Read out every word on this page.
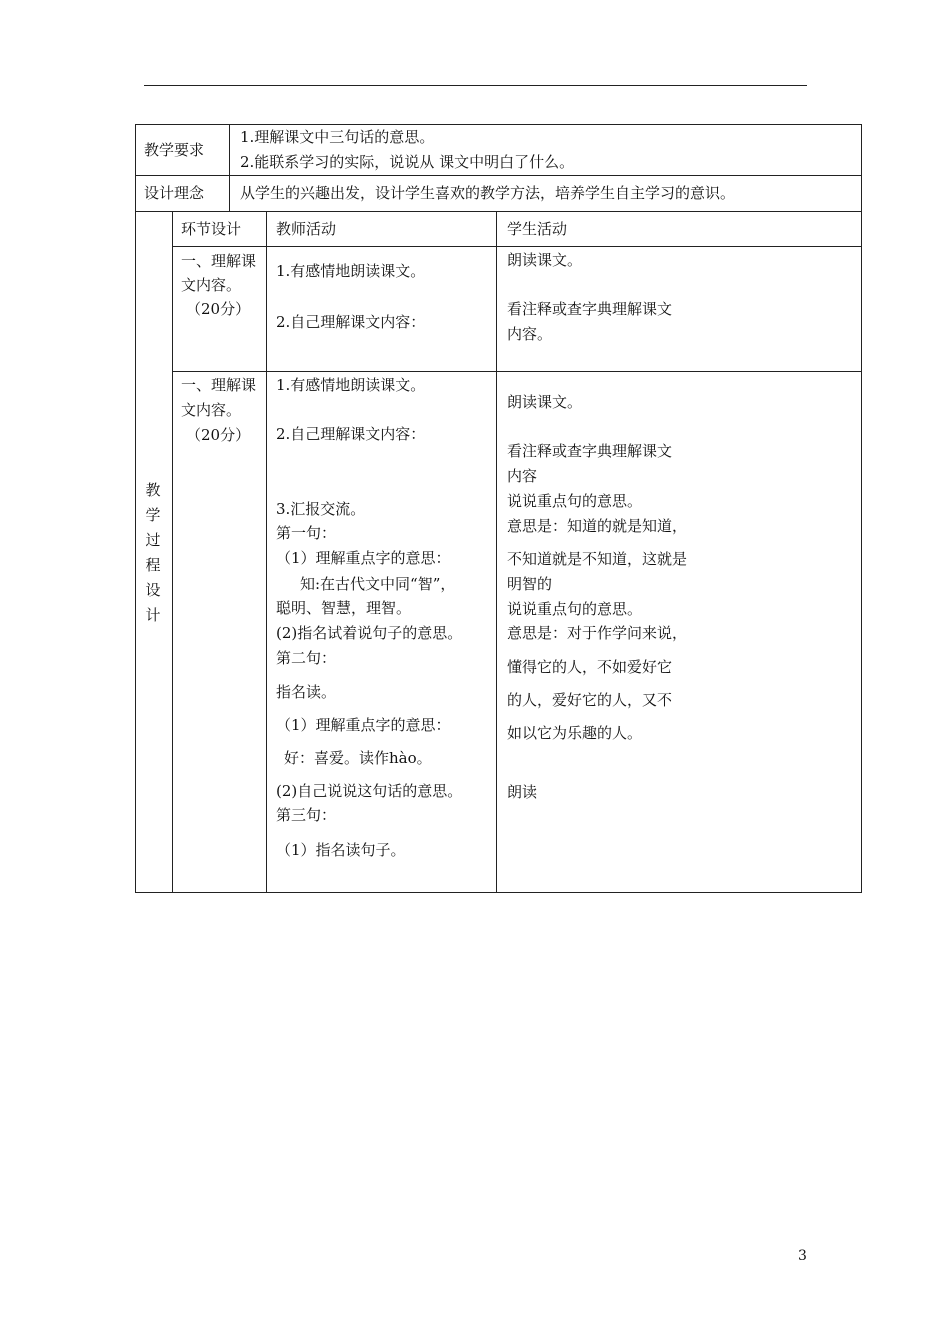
教学要求
1.理解课文中三句话的意思。
2.能联系学习的实际，说说从 课文中明白了什么。
设计理念 从学生的兴趣出发，设计学生喜欢的教学方法，培养学生自主学习的意识。
教
学
过
程
设
计
环节设计 教师活动	学生活动
一、理解课
文内容。
（20分）
1.有感情地朗读课文。
2.自己理解课文内容：
朗读课文。
看注释或查字典理解课文
内容。
一、理解课
文内容。
（20分）
1.有感情地朗读课文。
2.自己理解课文内容：
3.汇报交流。
第一句：
（1）理解重点字的意思：
知:在古代文中同“智”，
聪明、智慧，理智。
(2)指名试着说句子的意思。
第二句：
指名读。
（1）理解重点字的意思：
好：喜爱。读作hào。
(2)自己说说这句话的意思。
第三句：
（1）指名读句子。
朗读课文。
看注释或查字典理解课文
内容
说说重点句的意思。
意思是：知道的就是知道，
不知道就是不知道，这就是
明智的
说说重点句的意思。
意思是：对于作学问来说，
懂得它的人，不如爱好它
的人，爱好它的人，又不
如以它为乐趣的人。
朗读
3
